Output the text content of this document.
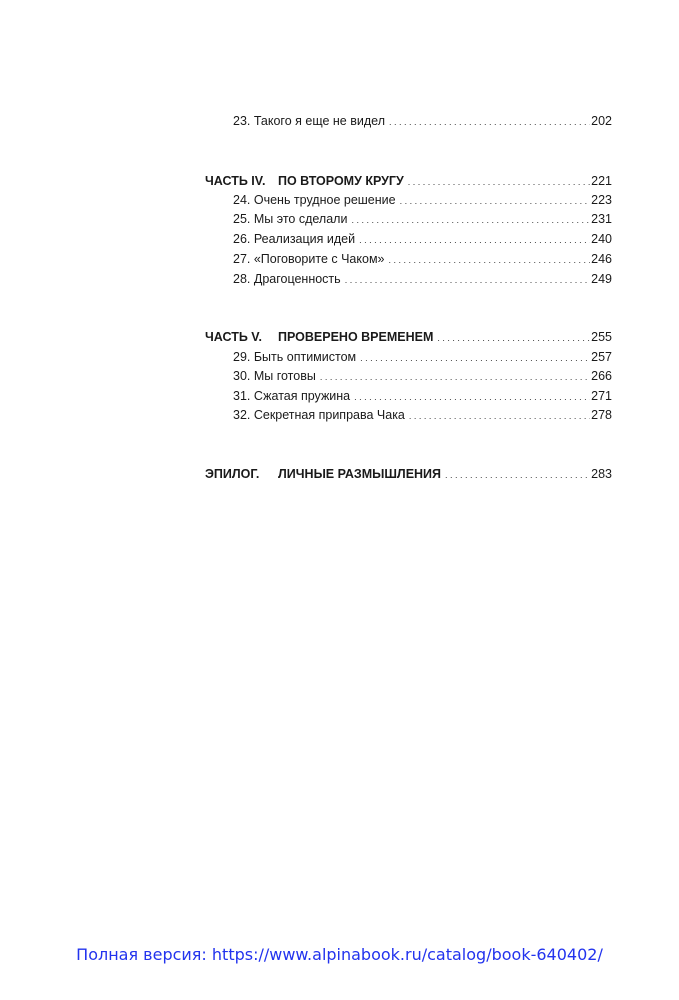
23. Такого я еще не видел . . .	202
ЧАСТЬ IV. ПО ВТОРОМУ КРУГУ . . .	221
24. Очень трудное решение . . .	223
25. Мы это сделали . . .	231
26. Реализация идей . . .	240
27. «Поговорите с Чаком» . . .	246
28. Драгоценность . . .	249
ЧАСТЬ V. ПРОВЕРЕНО ВРЕМЕНЕМ . . .	255
29. Быть оптимистом . . .	257
30. Мы готовы . . .	266
31. Сжатая пружина . . .	271
32. Секретная приправа Чака . . .	278
ЭПИЛОГ. ЛИЧНЫЕ РАЗМЫШЛЕНИЯ . . .	283
Полная версия: https://www.alpinabook.ru/catalog/book-640402/
